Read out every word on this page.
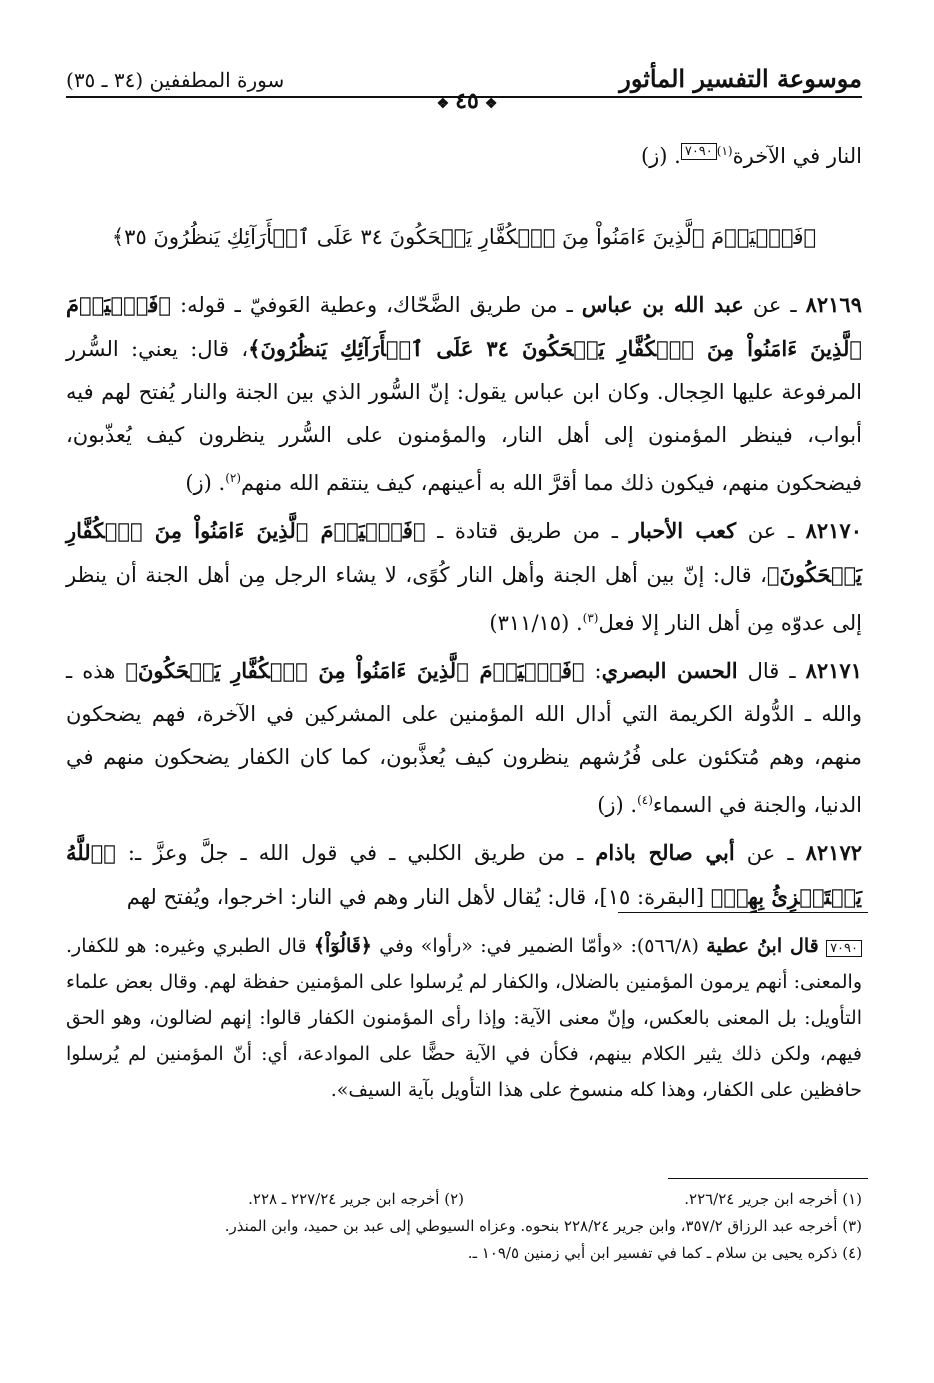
موسوعة التفسير المأثور
سورة المطففين (٣٤ ـ ٣٥)
❖ ٤٥ ❖

النار في الآخرة$^{(١)}$٧٠٩٠. (ز)

﴿فَٱلۡيَوۡمَ ٱلَّذِينَ ءَامَنُواْ مِنَ ٱلۡكُفَّارِ يَضۡحَكُونَ ٣٤ عَلَى ٱلۡأَرَآئِكِ يَنظُرُونَ ٣٥﴾

٨٢١٦٩ ـ عن عبد الله بن عباس ـ من طريق الضَّحّاك، وعطية العَوفيّ ـ قوله: ﴿فَٱلۡيَوۡمَ ٱلَّذِينَ ءَامَنُواْ مِنَ ٱلۡكُفَّارِ يَضۡحَكُونَ ٣٤ عَلَى ٱلۡأَرَآئِكِ يَنظُرُونَ﴾، قال: يعني: السُّرر المرفوعة عليها الحِجال. وكان ابن عباس يقول: إنّ السُّور الذي بين الجنة والنار يُفتح لهم فيه أبواب، فينظر المؤمنون إلى أهل النار، والمؤمنون على السُّرر ينظرون كيف يُعذّبون، فيضحكون منهم، فيكون ذلك مما أقرَّ الله به أعينهم، كيف ينتقم الله منهم$^{(٢)}$. (ز)

٨٢١٧٠ ـ عن كعب الأحبار ـ من طريق قتادة ـ ﴿فَٱلۡيَوۡمَ ٱلَّذِينَ ءَامَنُواْ مِنَ ٱلۡكُفَّارِ يَضۡحَكُونَ﴾، قال: إنّ بين أهل الجنة وأهل النار كُوًى، لا يشاء الرجل مِن أهل الجنة أن ينظر إلى عدوّه مِن أهل النار إلا فعل$^{(٣)}$. (٣١١/١٥)

٨٢١٧١ ـ قال الحسن البصري: ﴿فَٱلۡيَوۡمَ ٱلَّذِينَ ءَامَنُواْ مِنَ ٱلۡكُفَّارِ يَضۡحَكُونَ﴾ هذه ـ والله ـ الدُّولة الكريمة التي أدال الله المؤمنين على المشركين في الآخرة، فهم يضحكون منهم، وهم مُتكئون على فُرُشهم ينظرون كيف يُعذَّبون، كما كان الكفار يضحكون منهم في الدنيا، والجنة في السماء$^{(٤)}$. (ز)

٨٢١٧٢ ـ عن أبي صالح باذام ـ من طريق الكلبي ـ في قول الله ـ جلَّ وعزَّ ـ: ﴿ٱللَّهُ يَسۡتَهۡزِئُ بِهِمۡ﴾ [البقرة: ١٥]، قال: يُقال لأهل النار وهم في النار: اخرجوا، ويُفتح لهم

٧٠٩٠ قال ابنُ عطية (٥٦٦/٨): «وأمّا الضمير في: «رأوا» وفي ﴿قَالُوٓاْ﴾ قال الطبري وغيره: هو للكفار. والمعنى: أنهم يرمون المؤمنين بالضلال، والكفار لم يُرسلوا على المؤمنين حفظة لهم. وقال بعض علماء التأويل: بل المعنى بالعكس، وإنّ معنى الآية: وإذا رأى المؤمنون الكفار قالوا: إنهم لضالون، وهو الحق فيهم، ولكن ذلك يثير الكلام بينهم، فكأن في الآية حضًّا على الموادعة، أي: أنّ المؤمنين لم يُرسلوا حافظين على الكفار، وهذا كله منسوخ على هذا التأويل بآية السيف».
(١) أخرجه ابن جرير ٢٢٦/٢٤.
(٢) أخرجه ابن جرير ٢٢٧/٢٤ ـ ٢٢٨.
(٣) أخرجه عبد الرزاق ٣٥٧/٢، وابن جرير ٢٢٨/٢٤ بنحوه. وعزاه السيوطي إلى عبد بن حميد، وابن المنذر.
(٤) ذكره يحيى بن سلام ـ كما في تفسير ابن أبي زمنين ١٠٩/٥ ـ.
